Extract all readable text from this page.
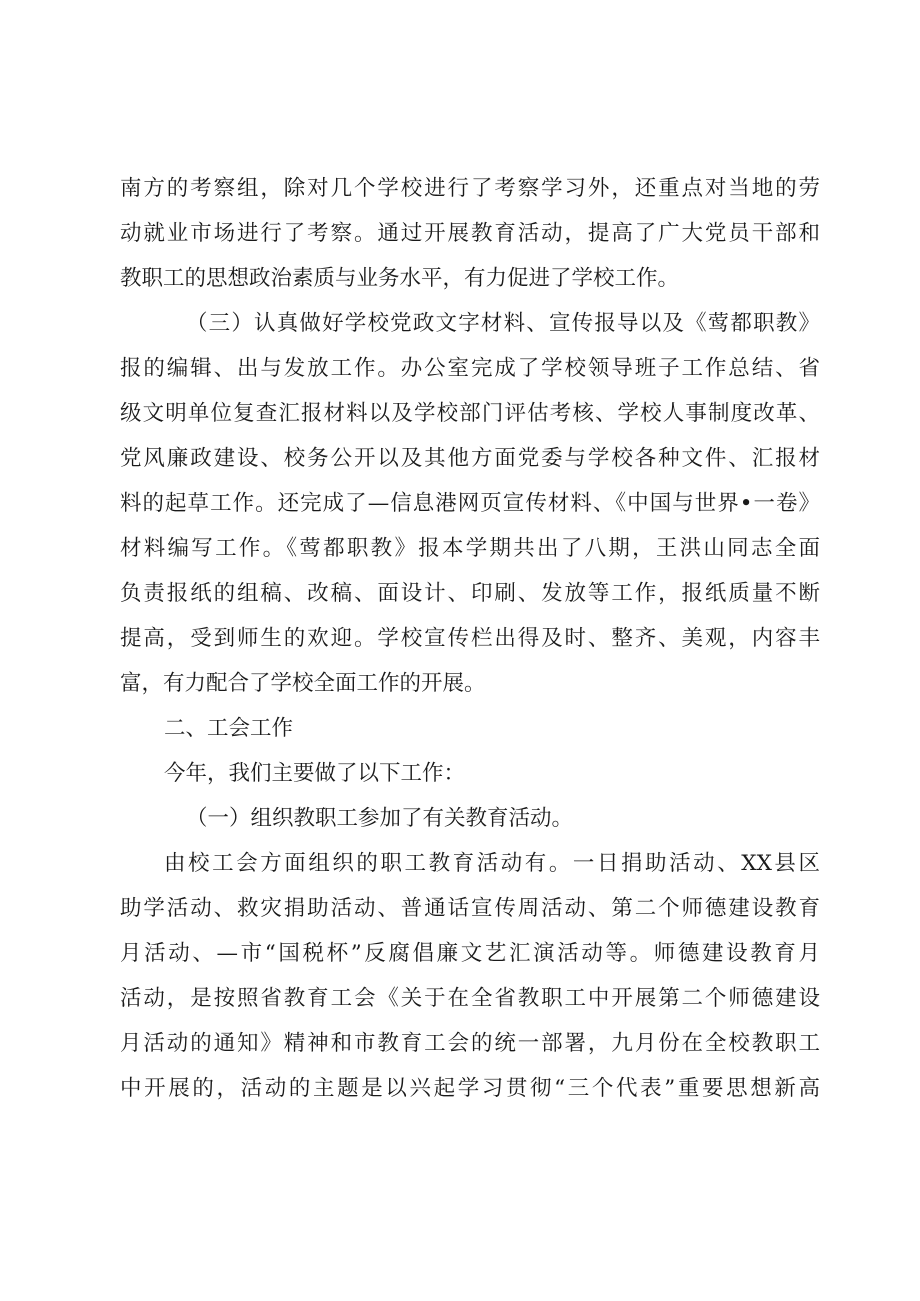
南方的考察组，除对几个学校进行了考察学习外，还重点对当地的劳
动就业市场进行了考察。通过开展教育活动，提高了广大党员干部和
教职工的思想政治素质与业务水平，有力促进了学校工作。
（三）认真做好学校党政文字材料、宣传报导以及《莺都职教》
报的编辑、出与发放工作。办公室完成了学校领导班子工作总结、省
级文明单位复查汇报材料以及学校部门评估考核、学校人事制度改革、
党风廉政建设、校务公开以及其他方面党委与学校各种文件、汇报材
料的起草工作。还完成了—信息港网页宣传材料、《中国与世界•一卷》
材料编写工作。《莺都职教》报本学期共出了八期，王洪山同志全面
负责报纸的组稿、改稿、面设计、印刷、发放等工作，报纸质量不断
提高，受到师生的欢迎。学校宣传栏出得及时、整齐、美观，内容丰
富，有力配合了学校全面工作的开展。
二、工会工作
今年，我们主要做了以下工作：
（一）组织教职工参加了有关教育活动。
由校工会方面组织的职工教育活动有。一日捐助活动、XX县区
助学活动、救灾捐助活动、普通话宣传周活动、第二个师德建设教育
月活动、—市“国税杯”反腐倡廉文艺汇演活动等。师德建设教育月
活动，是按照省教育工会《关于在全省教职工中开展第二个师德建设
月活动的通知》精神和市教育工会的统一部署，九月份在全校教职工
中开展的，活动的主题是以兴起学习贯彻“三个代表”重要思想新高
